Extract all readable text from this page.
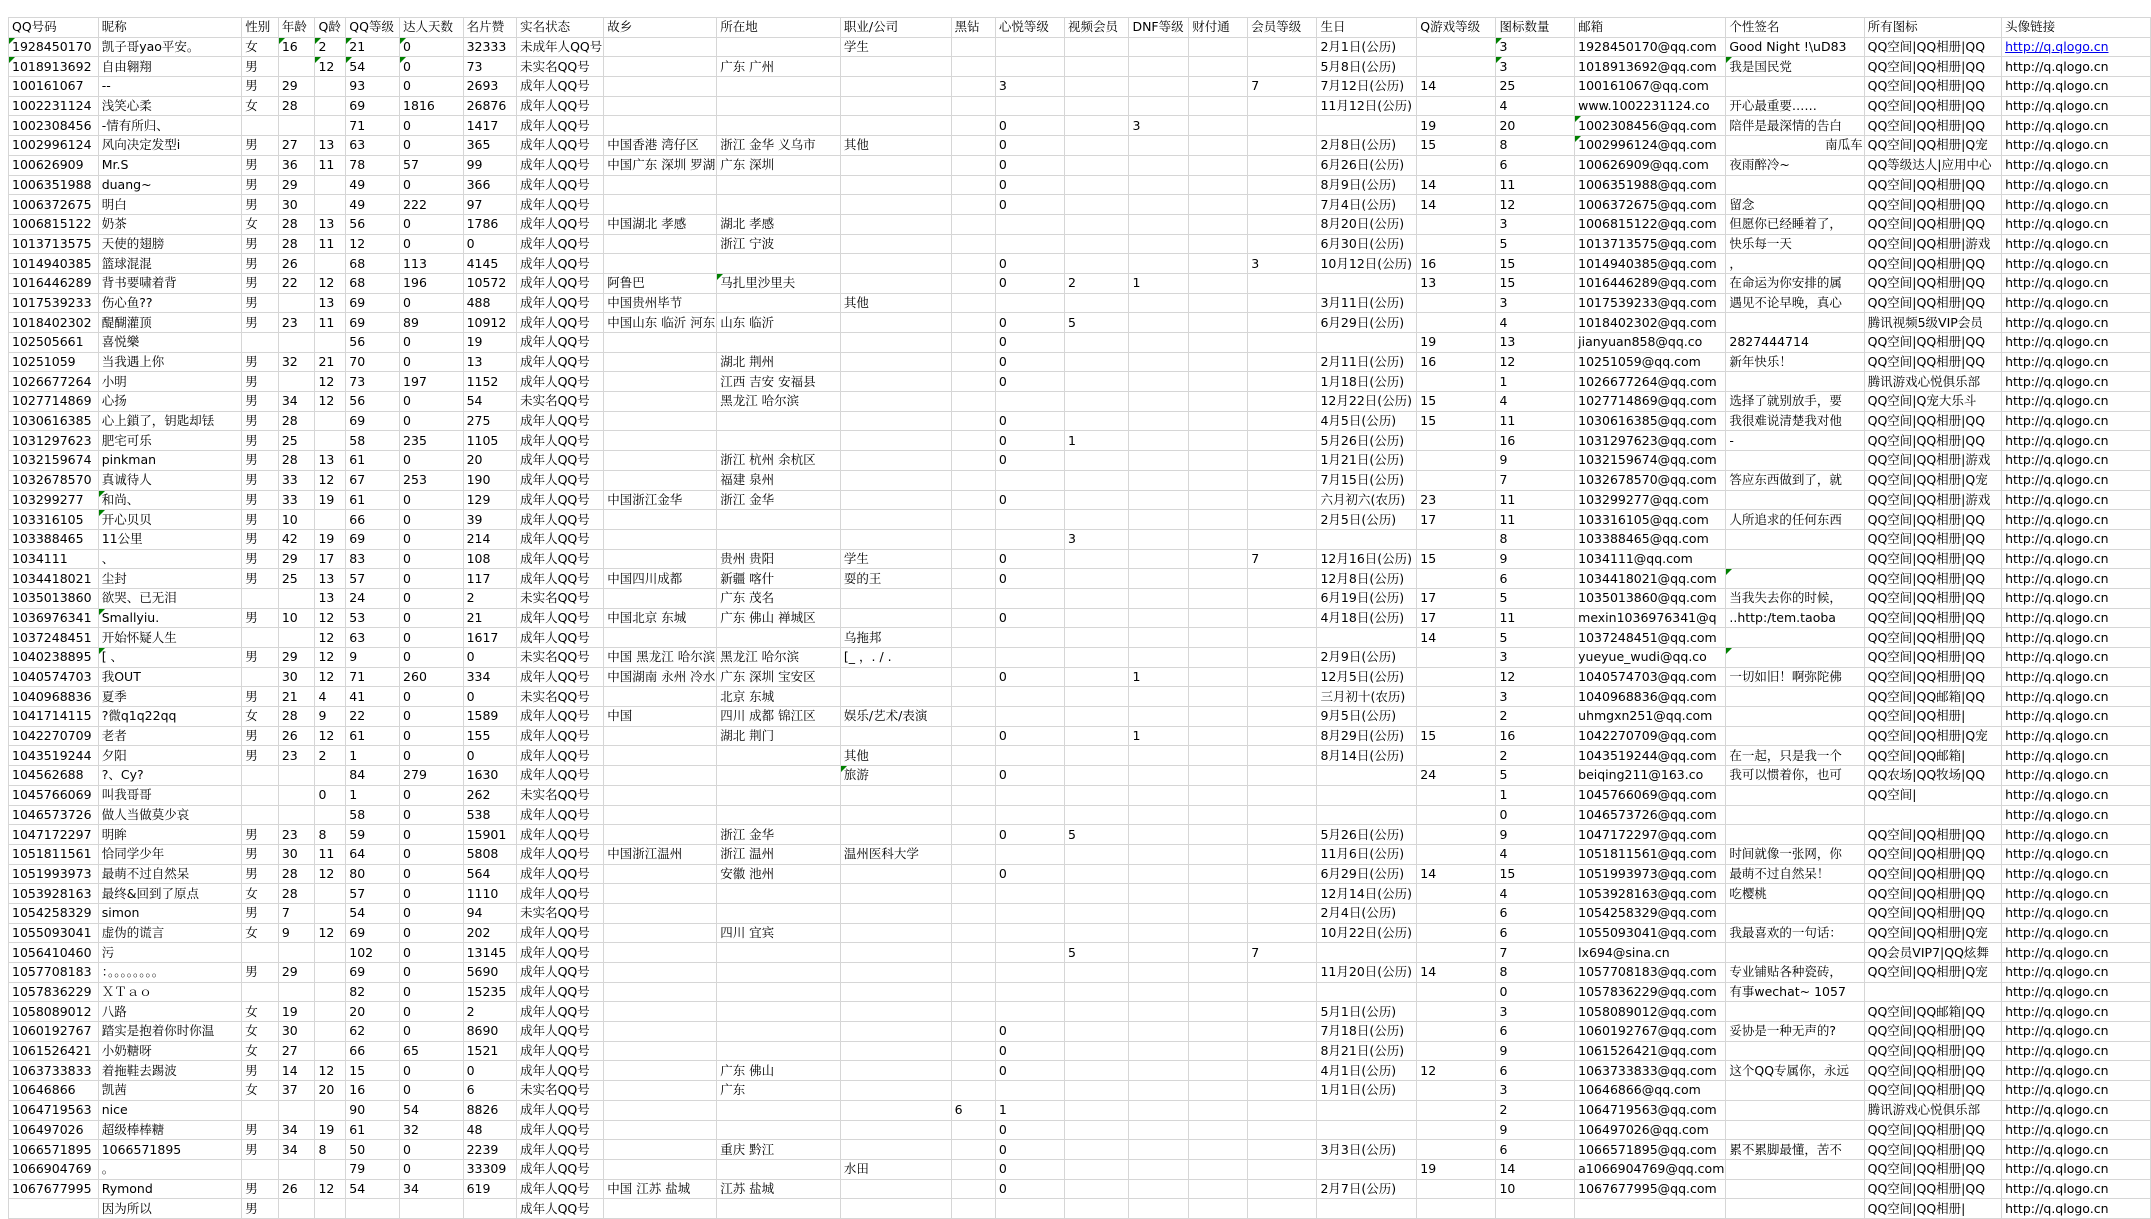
QQ号码	昵称	性别	年龄	Q龄	QQ等级	达人天数	名片赞	实名状态	故乡	所在地	职业/公司	黑钻	心悦等级	视频会员	DNF等级	财付通	会员等级	生日	Q游戏等级	图标数量	邮箱	个性签名	所有图标	头像链接
1928450170	凯子哥yao平安。	女	16	2	21	0	32333	未成年人QQ号			学生							2月1日(公历)		3	1928450170@qq.com	Good Night !\uD83	QQ空间|QQ相册|QQ	http://q.qlogo.cn
1018913692	自由翱翔	男		12	54	0	73	未实名QQ号		广东 广州								5月8日(公历)		3	1018913692@qq.com	我是国民党	QQ空间|QQ相册|QQ	http://q.qlogo.cn
100161067	--	男	29		93	0	2693	成年人QQ号					3				7	7月12日(公历)	14	25	100161067@qq.com		QQ空间|QQ相册|QQ	http://q.qlogo.cn
1002231124	浅笑心柔	女	28		69	1816	26876	成年人QQ号										11月12日(公历)		4	www.1002231124.co	开心最重要……	QQ空间|QQ相册|QQ	http://q.qlogo.cn
1002308456	-情有所归、				71	0	1417	成年人QQ号					0		3				19	20	1002308456@qq.com	陪伴是最深情的告白	QQ空间|QQ相册|QQ	http://q.qlogo.cn
1002996124	风向决定发型i	男	27	13	63	0	365	成年人QQ号	中国香港 湾仔区	浙江 金华 义乌市	其他		0					2月8日(公历)	15	8	1002996124@qq.com	南瓜车	QQ空间|QQ相册|Q宠	http://q.qlogo.cn
100626909	Mr.S	男	36	11	78	57	99	成年人QQ号	中国广东 深圳 罗湖	广东 深圳			0					6月26日(公历)		6	100626909@qq.com	夜雨醉冷~	QQ等级达人|应用中心	http://q.qlogo.cn
1006351988	duang~	男	29		49	0	366	成年人QQ号					0					8月9日(公历)	14	11	1006351988@qq.com		QQ空间|QQ相册|QQ	http://q.qlogo.cn
1006372675	明白	男	30		49	222	97	成年人QQ号					0					7月4日(公历)	14	12	1006372675@qq.com	留念	QQ空间|QQ相册|QQ	http://q.qlogo.cn
1006815122	奶茶	女	28	13	56	0	1786	成年人QQ号	中国湖北 孝感	湖北 孝感								8月20日(公历)		3	1006815122@qq.com	但愿你已经睡着了，	QQ空间|QQ相册|QQ	http://q.qlogo.cn
1013713575	天使的翅膀	男	28	11	12	0	0	成年人QQ号		浙江 宁波								6月30日(公历)		5	1013713575@qq.com	快乐每一天	QQ空间|QQ相册|游戏	http://q.qlogo.cn
1014940385	篮球混混	男	26		68	113	4145	成年人QQ号					0				3	10月12日(公历)	16	15	1014940385@qq.com	，	QQ空间|QQ相册|QQ	http://q.qlogo.cn
1016446289	背书要啸着背	男	22	12	68	196	10572	成年人QQ号	阿鲁巴	马扎里沙里夫			0	2	1				13	15	1016446289@qq.com	在命运为你安排的属	QQ空间|QQ相册|QQ	http://q.qlogo.cn
1017539233	伤心鱼??	男		13	69	0	488	成年人QQ号	中国贵州毕节		其他							3月11日(公历)		3	1017539233@qq.com	遇见不论早晚，真心	QQ空间|QQ相册|QQ	http://q.qlogo.cn
1018402302	醍醐灌顶	男	23	11	69	89	10912	成年人QQ号	中国山东 临沂 河东	山东 临沂			0	5				6月29日(公历)		4	1018402302@qq.com		腾讯视频5级VIP会员	http://q.qlogo.cn
102505661	喜悦樂				56	0	19	成年人QQ号					0						19	13	jianyuan858@qq.co	2827444714	QQ空间|QQ相册|QQ	http://q.qlogo.cn
10251059	当我遇上你	男	32	21	70	0	13	成年人QQ号		湖北 荆州			0					2月11日(公历)	16	12	10251059@qq.com	新年快乐！	QQ空间|QQ相册|QQ	http://q.qlogo.cn
1026677264	小明	男		12	73	197	1152	成年人QQ号		江西 吉安 安福县			0					1月18日(公历)		1	1026677264@qq.com		腾讯游戏心悦俱乐部	http://q.qlogo.cn
1027714869	心扬	男	34	12	56	0	54	未实名QQ号		黑龙江 哈尔滨								12月22日(公历)	15	4	1027714869@qq.com	选择了就别放手，要	QQ空间|Q宠大乐斗	http://q.qlogo.cn
1030616385	心上鎖了，钥匙却铥	男	28		69	0	275	成年人QQ号					0					4月5日(公历)	15	11	1030616385@qq.com	我很难说清楚我对他	QQ空间|QQ相册|QQ	http://q.qlogo.cn
1031297623	肥宅可乐	男	25		58	235	1105	成年人QQ号					0	1				5月26日(公历)		16	1031297623@qq.com	-	QQ空间|QQ相册|QQ	http://q.qlogo.cn
1032159674	pinkman	男	28	13	61	0	20	成年人QQ号		浙江 杭州 余杭区			0					1月21日(公历)		9	1032159674@qq.com		QQ空间|QQ相册|游戏	http://q.qlogo.cn
1032678570	真诚待人	男	33	12	67	253	190	成年人QQ号		福建 泉州								7月15日(公历)		7	1032678570@qq.com	答应东西做到了，就	QQ空间|QQ相册|Q宠	http://q.qlogo.cn
103299277	和尚、	男	33	19	61	0	129	成年人QQ号	中国浙江金华	浙江 金华			0					六月初六(农历)	23	11	103299277@qq.com		QQ空间|QQ相册|游戏	http://q.qlogo.cn
103316105	开心贝贝	男	10		66	0	39	成年人QQ号										2月5日(公历)	17	11	103316105@qq.com	人所追求的任何东西	QQ空间|QQ相册|QQ	http://q.qlogo.cn
103388465	11公里	男	42	19	69	0	214	成年人QQ号						3						8	103388465@qq.com		QQ空间|QQ相册|QQ	http://q.qlogo.cn
1034111	、	男	29	17	83	0	108	成年人QQ号		贵州 贵阳	学生		0				7	12月16日(公历)	15	9	1034111@qq.com		QQ空间|QQ相册|QQ	http://q.qlogo.cn
1034418021	尘封	男	25	13	57	0	117	成年人QQ号	中国四川成都	新疆 喀什	耍的王		0					12月8日(公历)		6	1034418021@qq.com		QQ空间|QQ相册|QQ	http://q.qlogo.cn
1035013860	欲哭、已无泪			13	24	0	2	未实名QQ号		广东 茂名								6月19日(公历)	17	5	1035013860@qq.com	当我失去你的时候，	QQ空间|QQ相册|QQ	http://q.qlogo.cn
1036976341	Smallyiu.	男	10	12	53	0	21	成年人QQ号	中国北京 东城	广东 佛山 禅城区			0					4月18日(公历)	17	11	mexin1036976341@q	..http:/tem.taoba	QQ空间|QQ相册|QQ	http://q.qlogo.cn
1037248451	开始怀疑人生			12	63	0	1617	成年人QQ号			乌拖邦								14	5	1037248451@qq.com		QQ空间|QQ相册|QQ	http://q.qlogo.cn
1040238895	[ 、	男	29	12	9	0	0	未实名QQ号	中国 黑龙江 哈尔滨	黑龙江 哈尔滨	[_ ，. / .							2月9日(公历)		3	yueyue_wudi@qq.co		QQ空间|QQ相册|QQ	http://q.qlogo.cn
1040574703	我OUT		30	12	71	260	334	成年人QQ号	中国湖南 永州 冷水	广东 深圳 宝安区			0		1			12月5日(公历)		12	1040574703@qq.com	一切如旧！啊弥陀佛	QQ空间|QQ相册|QQ	http://q.qlogo.cn
1040968836	夏季	男	21	4	41	0	0	未实名QQ号		北京 东城								三月初十(农历)		3	1040968836@qq.com		QQ空间|QQ邮箱|QQ	http://q.qlogo.cn
1041714115	?微q1q22qq	女	28	9	22	0	1589	成年人QQ号	中国	四川 成都 锦江区	娱乐/艺术/表演							9月5日(公历)		2	uhmgxn251@qq.com		QQ空间|QQ相册|	http://q.qlogo.cn
1042270709	老者	男	26	12	61	0	155	成年人QQ号		湖北 荆门			0		1			8月29日(公历)	15	16	1042270709@qq.com		QQ空间|QQ相册|Q宠	http://q.qlogo.cn
1043519244	夕阳	男	23	2	1	0	0	成年人QQ号			其他							8月14日(公历)		2	1043519244@qq.com	在一起，只是我一个	QQ空间|QQ邮箱|	http://q.qlogo.cn
104562688	?、Cy?				84	279	1630	成年人QQ号			旅游		0						24	5	beiqing211@163.co	我可以惯着你，也可	QQ农场|QQ牧场|QQ	http://q.qlogo.cn
1045766069	叫我哥哥			0	1	0	262	未实名QQ号												1	1045766069@qq.com		QQ空间|	http://q.qlogo.cn
1046573726	做人当做莫少哀				58	0	538	成年人QQ号												0	1046573726@qq.com			http://q.qlogo.cn
1047172297	明眸	男	23	8	59	0	15901	成年人QQ号		浙江 金华			0	5				5月26日(公历)		9	1047172297@qq.com		QQ空间|QQ相册|QQ	http://q.qlogo.cn
1051811561	恰同学少年	男	30	11	64	0	5808	成年人QQ号	中国浙江温州	浙江 温州	温州医科大学							11月6日(公历)		4	1051811561@qq.com	时间就像一张网，你	QQ空间|QQ相册|QQ	http://q.qlogo.cn
1051993973	最萌不过自然呆	男	28	12	80	0	564	成年人QQ号		安徽 池州			0					6月29日(公历)	14	15	1051993973@qq.com	最萌不过自然呆！	QQ空间|QQ相册|QQ	http://q.qlogo.cn
1053928163	最终&回到了原点	女	28		57	0	1110	成年人QQ号										12月14日(公历)		4	1053928163@qq.com	吃樱桃	QQ空间|QQ相册|QQ	http://q.qlogo.cn
1054258329	simon	男	7		54	0	94	未实名QQ号										2月4日(公历)		6	1054258329@qq.com		QQ空间|QQ相册|QQ	http://q.qlogo.cn
1055093041	虚伪的谎言	女	9	12	69	0	202	成年人QQ号		四川 宜宾								10月22日(公历)		6	1055093041@qq.com	我最喜欢的一句话：	QQ空间|QQ相册|Q宠	http://q.qlogo.cn
1056410460	污				102	0	13145	成年人QQ号						5			7			7	lx694@sina.cn		QQ会员VIP7|QQ炫舞	http://q.qlogo.cn
1057708183	：。。。。。。。。	男	29		69	0	5690	成年人QQ号										11月20日(公历)	14	8	1057708183@qq.com	专业铺贴各种瓷砖，	QQ空间|QQ相册|Q宠	http://q.qlogo.cn
1057836229	ＸＴａｏ				82	0	15235	成年人QQ号												0	1057836229@qq.com	有事wechat~ 1057		http://q.qlogo.cn
1058089012	八路	女	19		20	0	2	成年人QQ号										5月1日(公历)		3	1058089012@qq.com		QQ空间|QQ邮箱|QQ	http://q.qlogo.cn
1060192767	踏实是抱着你时你温	女	30		62	0	8690	成年人QQ号					0					7月18日(公历)		6	1060192767@qq.com	妥协是一种无声的?	QQ空间|QQ相册|QQ	http://q.qlogo.cn
1061526421	小奶糖呀	女	27		66	65	1521	成年人QQ号					0					8月21日(公历)		9	1061526421@qq.com		QQ空间|QQ相册|QQ	http://q.qlogo.cn
1063733833	着拖鞋去踢波	男	14	12	15	0	0	成年人QQ号		广东 佛山			0					4月1日(公历)	12	6	1063733833@qq.com	这个QQ专属你，永远	QQ空间|QQ相册|QQ	http://q.qlogo.cn
10646866	凯茜	女	37	20	16	0	6	未实名QQ号		广东								1月1日(公历)		3	10646866@qq.com		QQ空间|QQ相册|QQ	http://q.qlogo.cn
1064719563	nice				90	54	8826	成年人QQ号				6	1							2	1064719563@qq.com		腾讯游戏心悦俱乐部	http://q.qlogo.cn
106497026	超级棒棒糖	男	34	19	61	32	48	成年人QQ号					0							9	106497026@qq.com		QQ空间|QQ相册|QQ	http://q.qlogo.cn
1066571895	1066571895	男	34	8	50	0	2239	成年人QQ号		重庆 黔江			0					3月3日(公历)		6	1066571895@qq.com	累不累脚最懂，苦不	QQ空间|QQ相册|QQ	http://q.qlogo.cn
1066904769	。				79	0	33309	成年人QQ号			水田		0						19	14	a1066904769@qq.com		QQ空间|QQ相册|QQ	http://q.qlogo.cn
1067677995	Rymond	男	26	12	54	34	619	成年人QQ号	中国 江苏 盐城	江苏 盐城			0					2月7日(公历)		10	1067677995@qq.com		QQ空间|QQ相册|QQ	http://q.qlogo.cn
	因为所以	男						成年人QQ号															QQ空间|QQ相册|	http://q.qlogo.cn
